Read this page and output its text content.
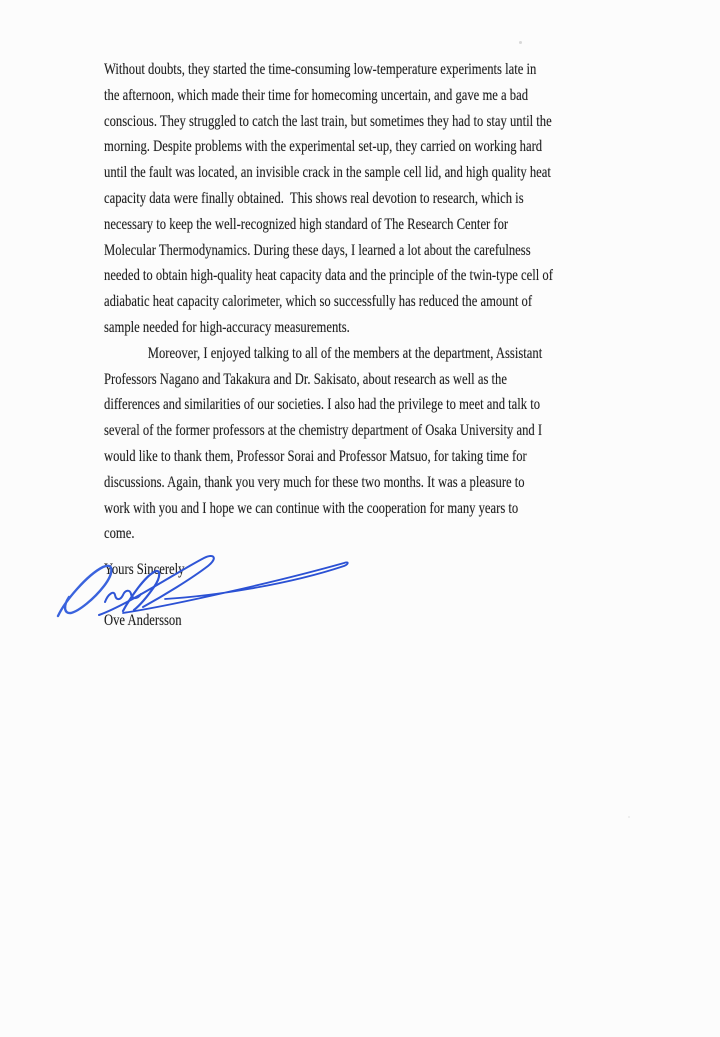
Without doubts, they started the time-consuming low-temperature experiments late in
the afternoon, which made their time for homecoming uncertain, and gave me a bad
conscious. They struggled to catch the last train, but sometimes they had to stay until the
morning. Despite problems with the experimental set-up, they carried on working hard
until the fault was located, an invisible crack in the sample cell lid, and high quality heat
capacity data were finally obtained.  This shows real devotion to research, which is
necessary to keep the well-recognized high standard of The Research Center for
Molecular Thermodynamics. During these days, I learned a lot about the carefulness
needed to obtain high-quality heat capacity data and the principle of the twin-type cell of
adiabatic heat capacity calorimeter, which so successfully has reduced the amount of
sample needed for high-accuracy measurements.
Moreover, I enjoyed talking to all of the members at the department, Assistant
Professors Nagano and Takakura and Dr. Sakisato, about research as well as the
differences and similarities of our societies. I also had the privilege to meet and talk to
several of the former professors at the chemistry department of Osaka University and I
would like to thank them, Professor Sorai and Professor Matsuo, for taking time for
discussions. Again, thank you very much for these two months. It was a pleasure to
work with you and I hope we can continue with the cooperation for many years to
come.
Yours Sincerely
Ove Andersson
